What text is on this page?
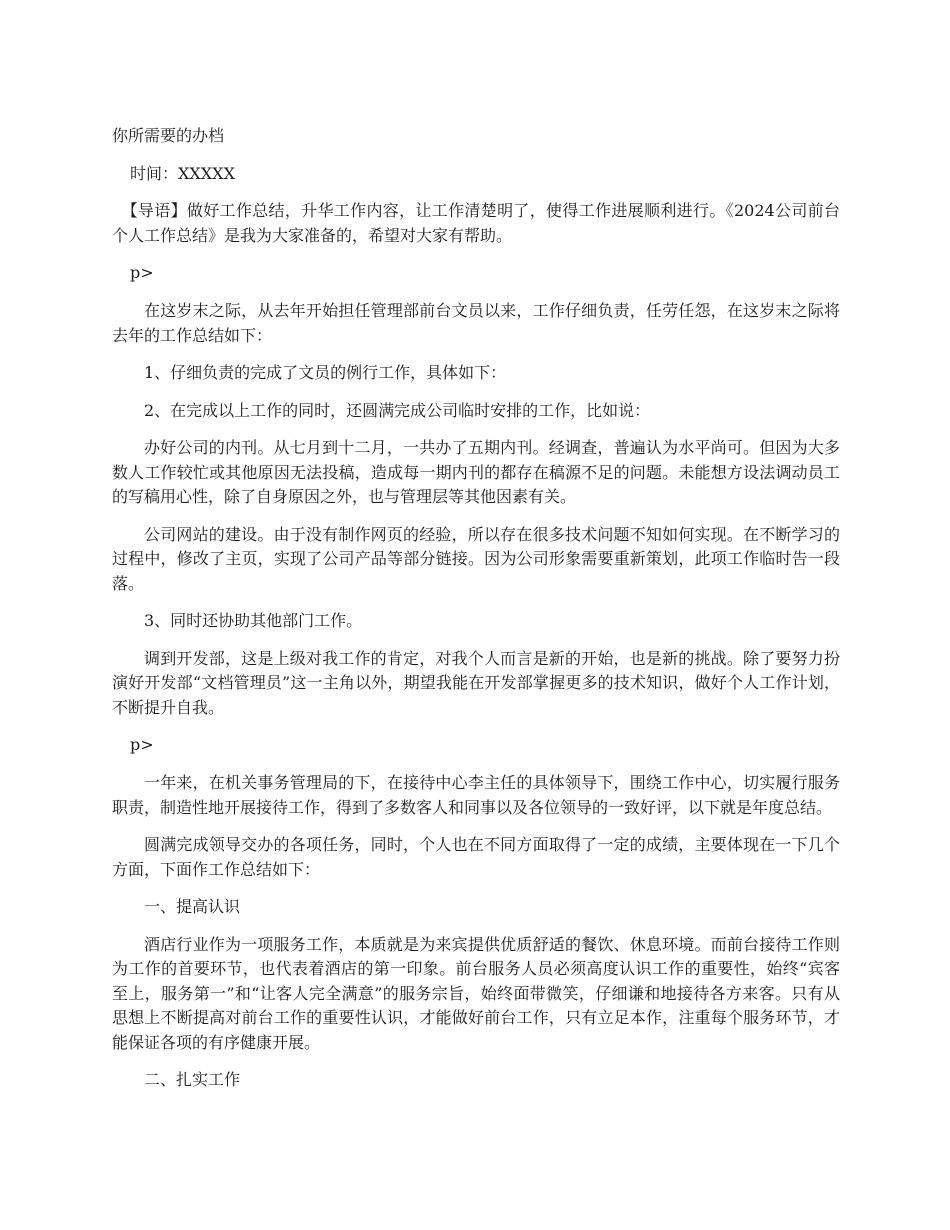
你所需要的办档

时间：XXXXX

【导语】做好工作总结，升华工作内容，让工作清楚明了，使得工作进展顺利进行。《2024公司前台个人工作总结》是我为大家准备的，希望对大家有帮助。

p>

在这岁末之际，从去年开始担任管理部前台文员以来，工作仔细负责，任劳任怨，在这岁末之际将去年的工作总结如下：

1、仔细负责的完成了文员的例行工作，具体如下：

2、在完成以上工作的同时，还圆满完成公司临时安排的工作，比如说：

办好公司的内刊。从七月到十二月，一共办了五期内刊。经调查，普遍认为水平尚可。但因为大多数人工作较忙或其他原因无法投稿，造成每一期内刊的都存在稿源不足的问题。未能想方设法调动员工的写稿用心性，除了自身原因之外，也与管理层等其他因素有关。

公司网站的建设。由于没有制作网页的经验，所以存在很多技术问题不知如何实现。在不断学习的过程中，修改了主页，实现了公司产品等部分链接。因为公司形象需要重新策划，此项工作临时告一段落。

3、同时还协助其他部门工作。

调到开发部，这是上级对我工作的肯定，对我个人而言是新的开始，也是新的挑战。除了要努力扮演好开发部“文档管理员”这一主角以外，期望我能在开发部掌握更多的技术知识，做好个人工作计划，不断提升自我。

p>

一年来，在机关事务管理局的下，在接待中心李主任的具体领导下，围绕工作中心，切实履行服务职责，制造性地开展接待工作，得到了多数客人和同事以及各位领导的一致好评，以下就是年度总结。

圆满完成领导交办的各项任务，同时，个人也在不同方面取得了一定的成绩，主要体现在一下几个方面，下面作工作总结如下：

一、提高认识

酒店行业作为一项服务工作，本质就是为来宾提供优质舒适的餐饮、休息环境。而前台接待工作则为工作的首要环节，也代表着酒店的第一印象。前台服务人员必须高度认识工作的重要性，始终“宾客至上，服务第一”和“让客人完全满意”的服务宗旨，始终面带微笑，仔细谦和地接待各方来客。只有从思想上不断提高对前台工作的重要性认识，才能做好前台工作，只有立足本作，注重每个服务环节，才能保证各项的有序健康开展。

二、扎实工作
